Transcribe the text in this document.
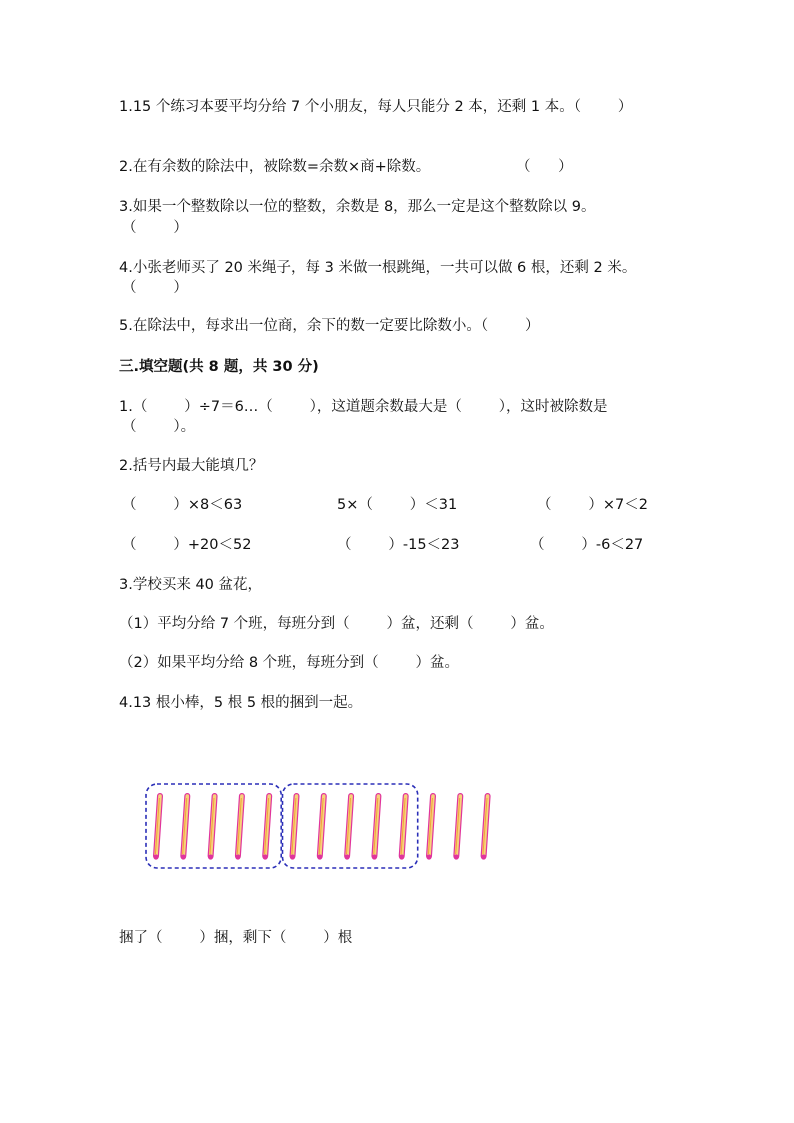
1.15 个练习本要平均分给 7 个小朋友，每人只能分 2 本，还剩 1 本。（        ）
2.在有余数的除法中，被除数=余数×商+除数。	（      ）
3.如果一个整数除以一位的整数，余数是 8，那么一定是这个整数除以 9。
（        ）
4.小张老师买了 20 米绳子，每 3 米做一根跳绳，一共可以做 6 根，还剩 2 米。
（        ）
5.在除法中，每求出一位商，余下的数一定要比除数小。（        ）
三.填空题(共 8 题，共 30 分)
1.（        ）÷7＝6…（        ），这道题余数最大是（        ），这时被除数是
（        ）。
2.括号内最大能填几？
（        ）×8＜63	5×（        ）＜31	（        ）×7＜2
（        ）+20＜52	（        ）-15＜23	（        ）-6＜27
3.学校买来 40 盆花，
（1）平均分给 7 个班，每班分到（        ）盆，还剩（        ）盆。
（2）如果平均分给 8 个班，每班分到（        ）盆。
4.13 根小棒，5 根 5 根的捆到一起。
捆了（        ）捆，剩下（        ）根
